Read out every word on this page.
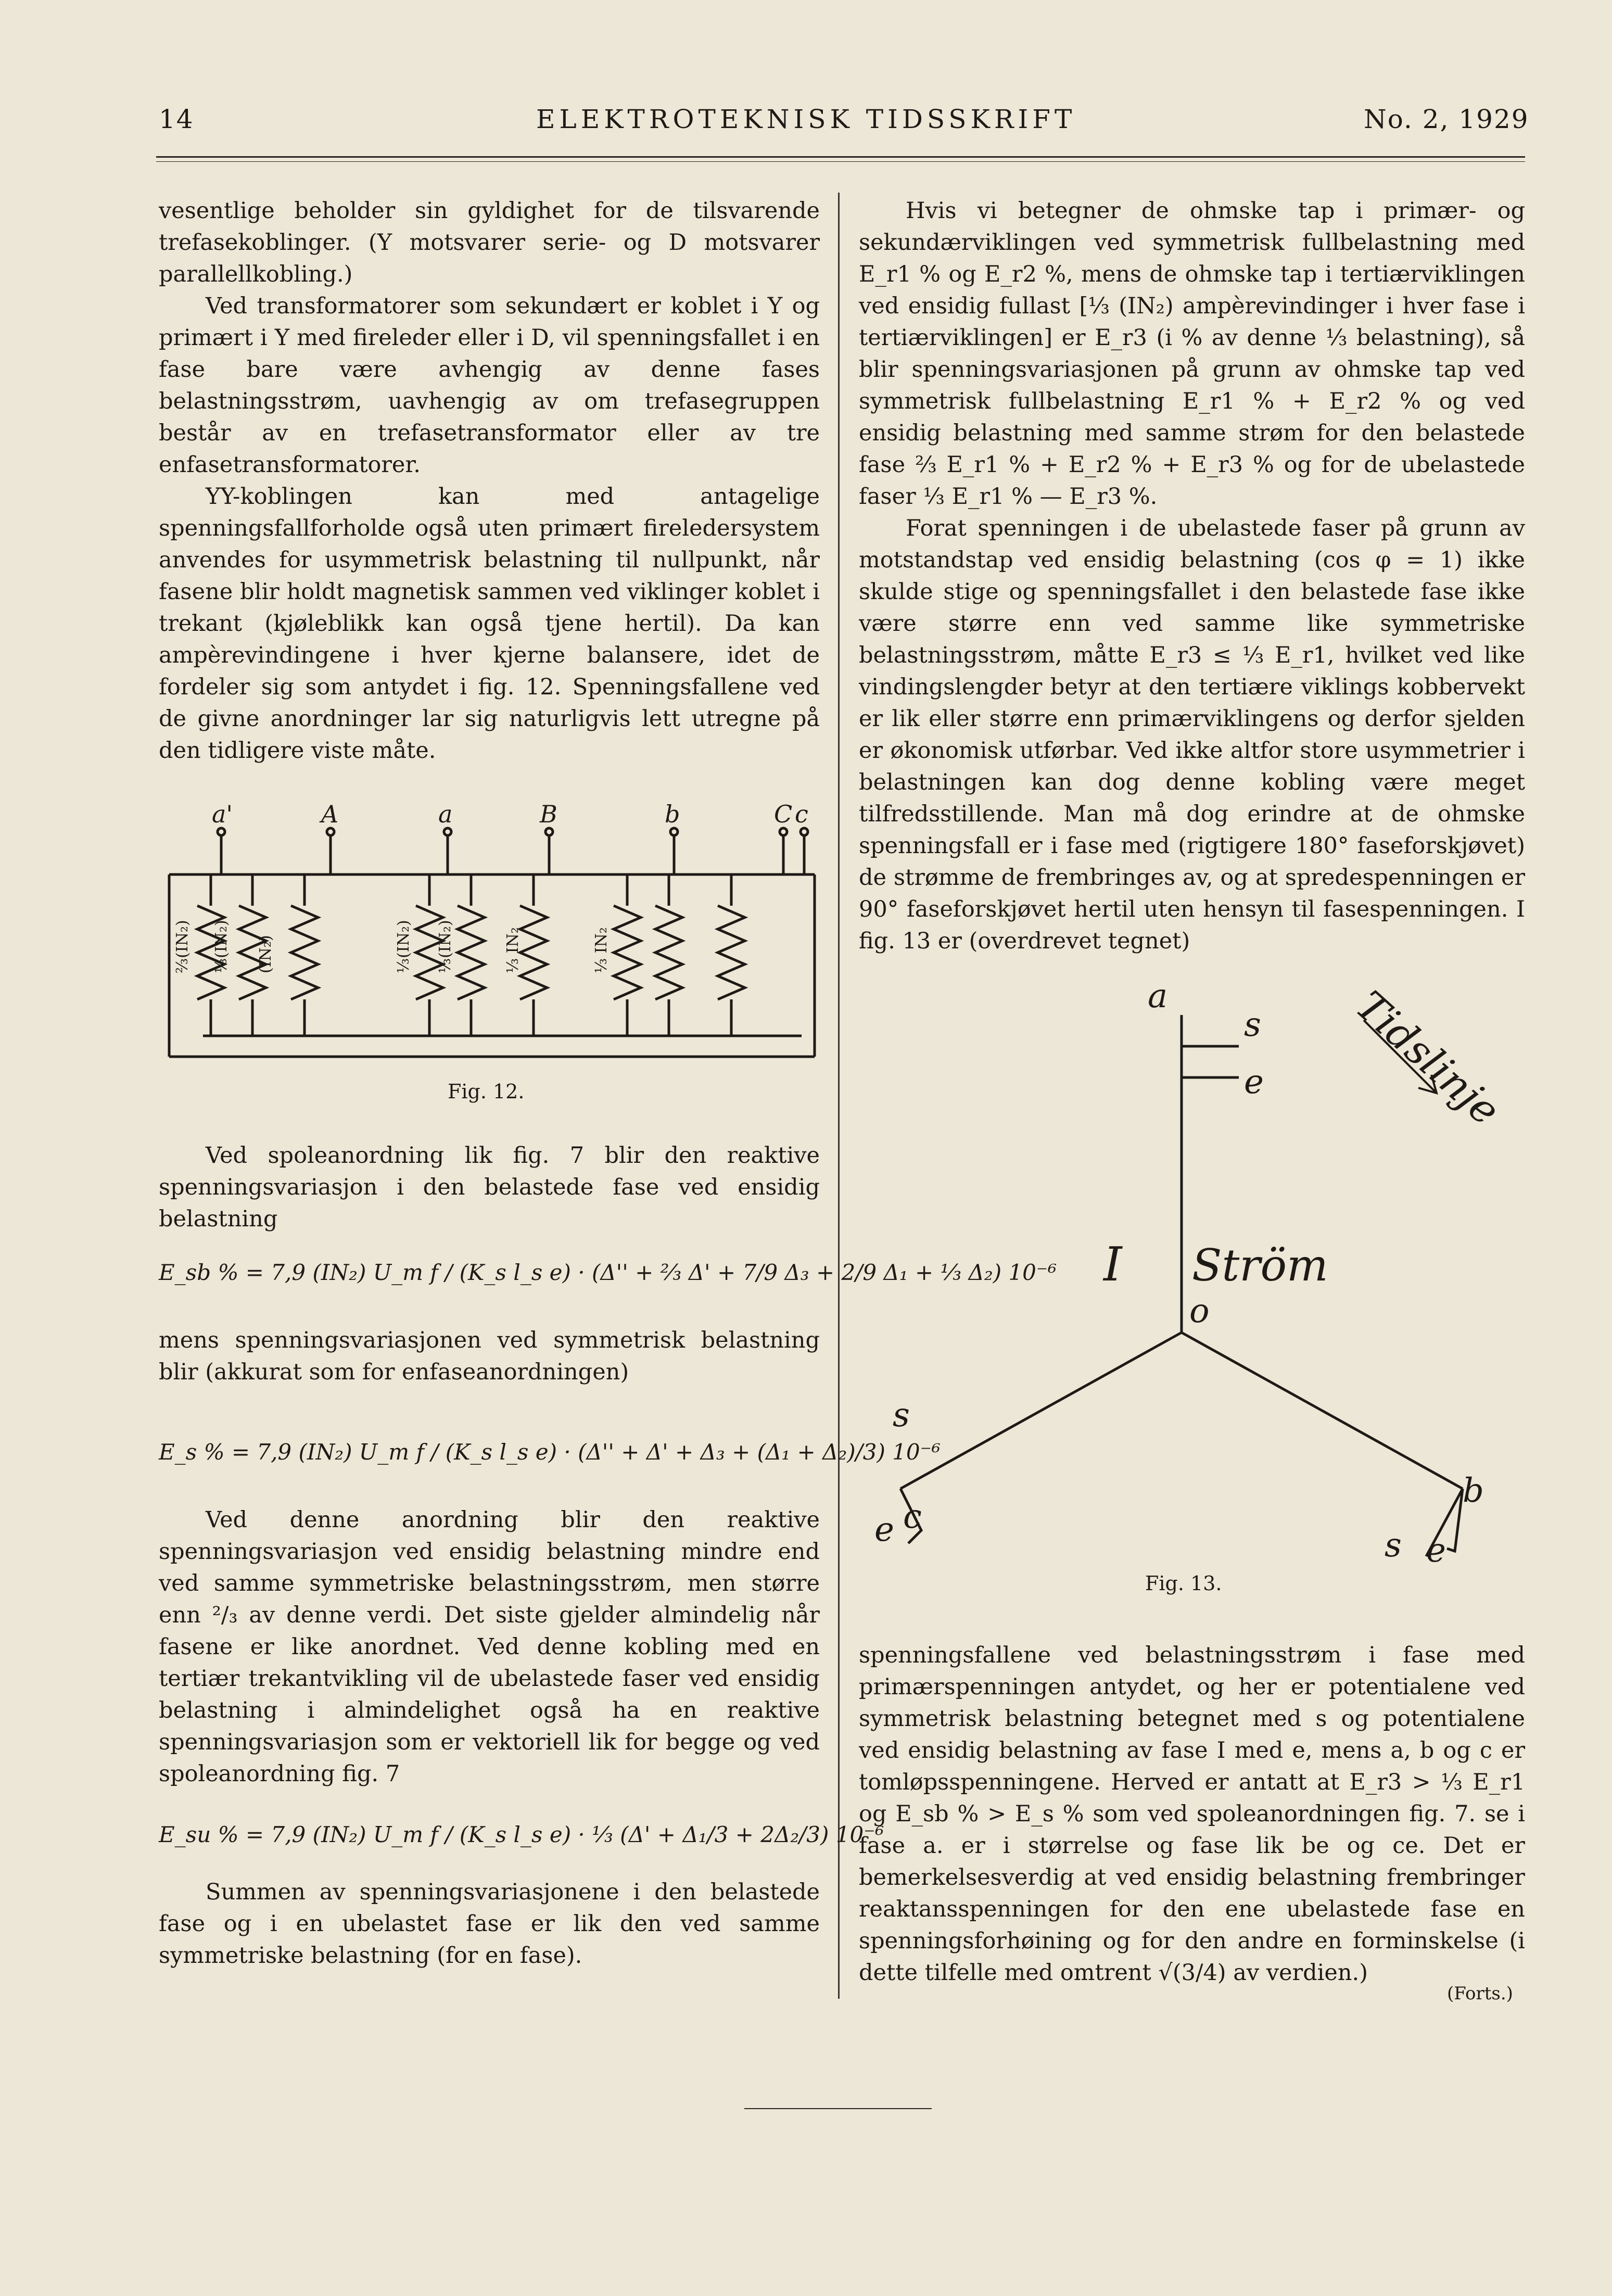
14	ELEKTROTEKNISK TIDSSKRIFT	No. 2, 1929

vesentlige beholder sin gyldighet for de tilsvarende trefasekoblinger. (Y motsvarer serie- og D motsvarer parallellkobling.)

Ved transformatorer som sekundært er koblet i Y og primært i Y med fireleder eller i D, vil spenningsfallet i en fase bare være avhengig av denne fases belastningsstrøm, uavhengig av om trefasegruppen består av en trefasetransformator eller av tre enfasetransformatorer.

YY-koblingen kan med antagelige spenningsfallforholde også uten primært fireledersystem anvendes for usymmetrisk belastning til nullpunkt, når fasene blir holdt magnetisk sammen ved viklinger koblet i trekant (kjøleblikk kan også tjene hertil). Da kan ampèrevindingene i hver kjerne balansere, idet de fordeler sig som antydet i fig. 12. Spenningsfallene ved de givne anordninger lar sig naturligvis lett utregne på den tidligere viste måte.

a'	A	a	B	b	C c
⅔(IN₂) ⅓(IN₂) (IN₂)	⅓(IN₂) ⅓(IN₂)	⅓ IN₂	⅓ IN₂
Fig. 12.

Ved spoleanordning lik fig. 7 blir den reaktive spenningsvariasjon i den belastede fase ved ensidig belastning

E_sb % = 7,9 (IN₂) U_m f / (K_s l_s e) · (Δ'' + ⅔ Δ' + 7/9 Δ₃ + 2/9 Δ₁ + ⅓ Δ₂) 10⁻⁶

mens spenningsvariasjonen ved symmetrisk belastning blir (akkurat som for enfaseanordningen)

E_s % = 7,9 (IN₂) U_m f / (K_s l_s e) · (Δ'' + Δ' + Δ₃ + (Δ₁ + Δ₂)/3) 10⁻⁶

Ved denne anordning blir den reaktive spenningsvariasjon ved ensidig belastning mindre end ved samme symmetriske belastningsstrøm, men større enn ²/₃ av denne verdi. Det siste gjelder almindelig når fasene er like anordnet. Ved denne kobling med en tertiær trekantvikling vil de ubelastede faser ved ensidig belastning i almindelighet også ha en reaktive spenningsvariasjon som er vektoriell lik for begge og ved spoleanordning fig. 7

E_su % = 7,9 (IN₂) U_m f / (K_s l_s e) · ⅓ (Δ' + Δ₁/3 + 2Δ₂/3) 10⁻⁶

Summen av spenningsvariasjonene i den belastede fase og i en ubelastet fase er lik den ved samme symmetriske belastning (for en fase).

Hvis vi betegner de ohmske tap i primær- og sekundærviklingen ved symmetrisk fullbelastning med E_r1 % og E_r2 %, mens de ohmske tap i tertiærviklingen ved ensidig fullast [⅓ (IN₂) ampèrevindinger i hver fase i tertiærviklingen] er E_r3 (i % av denne ⅓ belastning), så blir spenningsvariasjonen på grunn av ohmske tap ved symmetrisk fullbelastning E_r1 % + E_r2 % og ved ensidig belastning med samme strøm for den belastede fase ⅔ E_r1 % + E_r2 % + E_r3 % og for de ubelastede faser ⅓ E_r1 % — E_r3 %.

Forat spenningen i de ubelastede faser på grunn av motstandstap ved ensidig belastning (cos φ = 1) ikke skulde stige og spenningsfallet i den belastede fase ikke være større enn ved samme like symmetriske belastningsstrøm, måtte E_r3 ≤ ⅓ E_r1, hvilket ved like vindingslengder betyr at den tertiære viklings kobbervekt er lik eller større enn primærviklingens og derfor sjelden er økonomisk utførbar. Ved ikke altfor store usymmetrier i belastningen kan dog denne kobling være meget tilfredsstillende. Man må dog erindre at de ohmske spenningsfall er i fase med (rigtigere 180° faseforskjøvet) de strømme de frembringes av, og at spredespenningen er 90° faseforskjøvet hertil uten hensyn til fasespenningen. I fig. 13 er (overdrevet tegnet)

a
b
c
s
e
I Ström
o
e
s
s e
Tidslinje
Fig. 13.

spenningsfallene ved belastningsstrøm i fase med primærspenningen antydet, og her er potentialene ved symmetrisk belastning betegnet med s og potentialene ved ensidig belastning av fase I med e, mens a, b og c er tomløpsspenningene. Herved er antatt at E_r3 > ⅓ E_r1 og E_sb % > E_s % som ved spoleanordningen fig. 7. se i fase a. er i størrelse og fase lik be og ce. Det er bemerkelsesverdig at ved ensidig belastning frembringer reaktansspenningen for den ene ubelastede fase en spenningsforhøining og for den andre en forminskelse (i dette tilfelle med omtrent √(3/4) av verdien.)

(Forts.)
